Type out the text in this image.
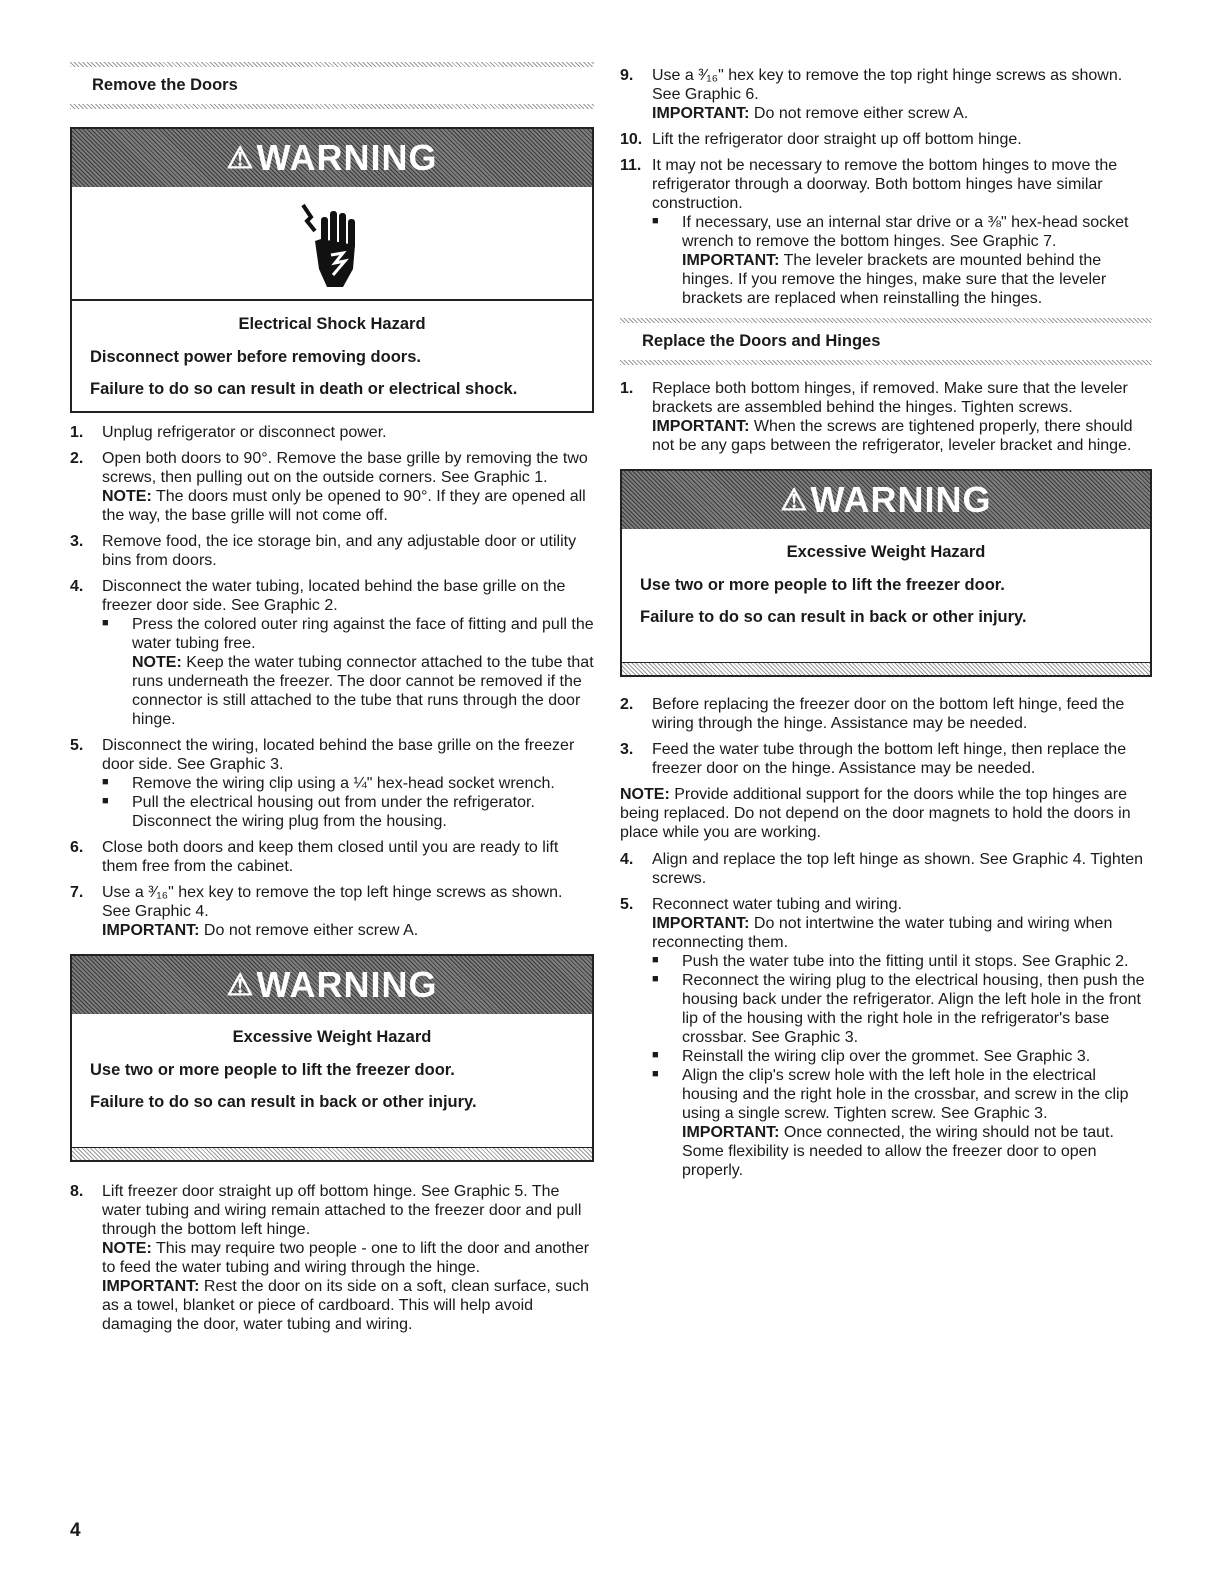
Remove the Doors
⚠ WARNING
Electrical Shock Hazard
Disconnect power before removing doors.
Failure to do so can result in death or electrical shock.
1. Unplug refrigerator or disconnect power.

2. Open both doors to 90°. Remove the base grille by removing the two screws, then pulling out on the outside corners. See Graphic 1.

NOTE: The doors must only be opened to 90°. If they are opened all the way, the base grille will not come off.

3. Remove food, the ice storage bin, and any adjustable door or utility bins from doors.

4. Disconnect the water tubing, located behind the base grille on the freezer door side. See Graphic 2.

■ Press the colored outer ring against the face of fitting and pull the water tubing free.

NOTE: Keep the water tubing connector attached to the tube that runs underneath the freezer. The door cannot be removed if the connector is still attached to the tube that runs through the door hinge.

5. Disconnect the wiring, located behind the base grille on the freezer door side. See Graphic 3.

■ Remove the wiring clip using a ¼" hex-head socket wrench.

■ Pull the electrical housing out from under the refrigerator. Disconnect the wiring plug from the housing.

6. Close both doors and keep them closed until you are ready to lift them free from the cabinet.

7. Use a ³⁄₁₆" hex key to remove the top left hinge screws as shown. See Graphic 4.

IMPORTANT: Do not remove either screw A.

⚠ WARNING
Excessive Weight Hazard
Use two or more people to lift the freezer door.
Failure to do so can result in back or other injury.
8. Lift freezer door straight up off bottom hinge. See Graphic 5. The water tubing and wiring remain attached to the freezer door and pull through the bottom left hinge.

NOTE: This may require two people - one to lift the door and another to feed the water tubing and wiring through the hinge.

IMPORTANT: Rest the door on its side on a soft, clean surface, such as a towel, blanket or piece of cardboard. This will help avoid damaging the door, water tubing and wiring.

9. Use a ³⁄₁₆" hex key to remove the top right hinge screws as shown. See Graphic 6.

IMPORTANT: Do not remove either screw A.

10. Lift the refrigerator door straight up off bottom hinge.

11. It may not be necessary to remove the bottom hinges to move the refrigerator through a doorway. Both bottom hinges have similar construction.

■ If necessary, use an internal star drive or a ⅜" hex-head socket wrench to remove the bottom hinges. See Graphic 7.

IMPORTANT: The leveler brackets are mounted behind the hinges. If you remove the hinges, make sure that the leveler brackets are replaced when reinstalling the hinges.

Replace the Doors and Hinges
1. Replace both bottom hinges, if removed. Make sure that the leveler brackets are assembled behind the hinges. Tighten screws.

IMPORTANT: When the screws are tightened properly, there should not be any gaps between the refrigerator, leveler bracket and hinge.

⚠ WARNING
Excessive Weight Hazard
Use two or more people to lift the freezer door.
Failure to do so can result in back or other injury.
2. Before replacing the freezer door on the bottom left hinge, feed the wiring through the hinge. Assistance may be needed.

3. Feed the water tube through the bottom left hinge, then replace the freezer door on the hinge. Assistance may be needed.

NOTE: Provide additional support for the doors while the top hinges are being replaced. Do not depend on the door magnets to hold the doors in place while you are working.

4. Align and replace the top left hinge as shown. See Graphic 4. Tighten screws.

5. Reconnect water tubing and wiring.

IMPORTANT: Do not intertwine the water tubing and wiring when reconnecting them.

■ Push the water tube into the fitting until it stops. See Graphic 2.

■ Reconnect the wiring plug to the electrical housing, then push the housing back under the refrigerator. Align the left hole in the front lip of the housing with the right hole in the refrigerator's base crossbar. See Graphic 3.

■ Reinstall the wiring clip over the grommet. See Graphic 3.

■ Align the clip's screw hole with the left hole in the electrical housing and the right hole in the crossbar, and screw in the clip using a single screw. Tighten screw. See Graphic 3.

IMPORTANT: Once connected, the wiring should not be taut. Some flexibility is needed to allow the freezer door to open properly.

4
